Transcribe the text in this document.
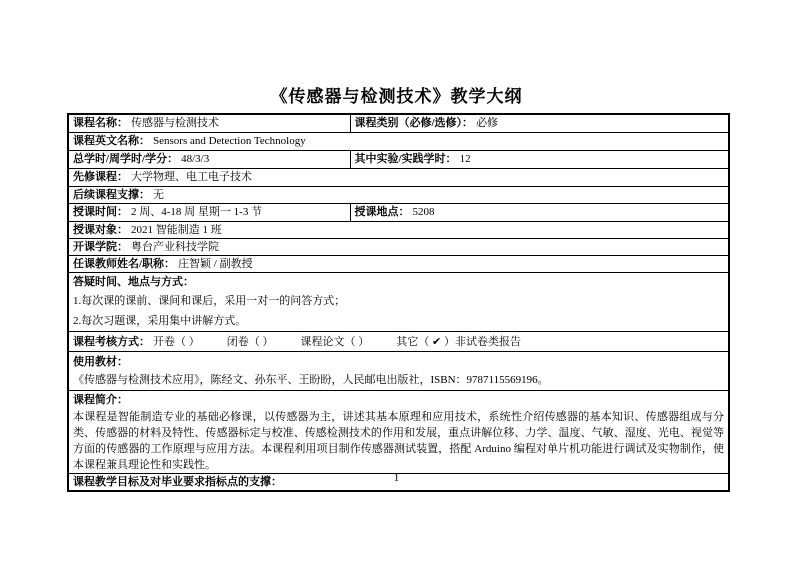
《传感器与检测技术》教学大纲
课程名称： 传感器与检测技术	课程类别（必修/选修）： 必修
课程英文名称： Sensors and Detection Technology	
总学时/周学时/学分： 48/3/3	其中实验/实践学时： 12
先修课程： 大学物理、电工电子技术	
后续课程支撑： 无	
授课时间： 2 周、4-18 周 星期一 1-3 节	授课地点： 5208
授课对象： 2021 智能制造 1 班	
开课学院： 粤台产业科技学院	
任课教师姓名/职称： 庄智颖 / 副教授	

答疑时间、地点与方式：
1.每次课的课前、课间和课后，采用一对一的问答方式；
2.每次习题课，采用集中讲解方式。	

课程考核方式： 开卷（ ） 闭卷（ ） 课程论文（ ） 其它（ ✔ ）非试卷类报告	

使用教材：
《传感器与检测技术应用》，陈经文、孙东平、王盼盼，人民邮电出版社，ISBN：9787115569196。	

课程简介：
本课程是智能制造专业的基础必修课，以传感器为主，讲述其基本原理和应用技术，系统性介绍传感器的基本知识、传感器组成与分类、传感器的材料及特性、传感器标定与校准、传感检测技术的作用和发展，重点讲解位移、力学、温度、气敏、湿度、光电、视觉等方面的传感器的工作原理与应用方法。本课程利用项目制作传感器测试装置，搭配 Arduino 编程对单片机功能进行调试及实物制作，使本课程兼具理论性和实践性。	

课程教学目标及对毕业要求指标点的支撑：		1
